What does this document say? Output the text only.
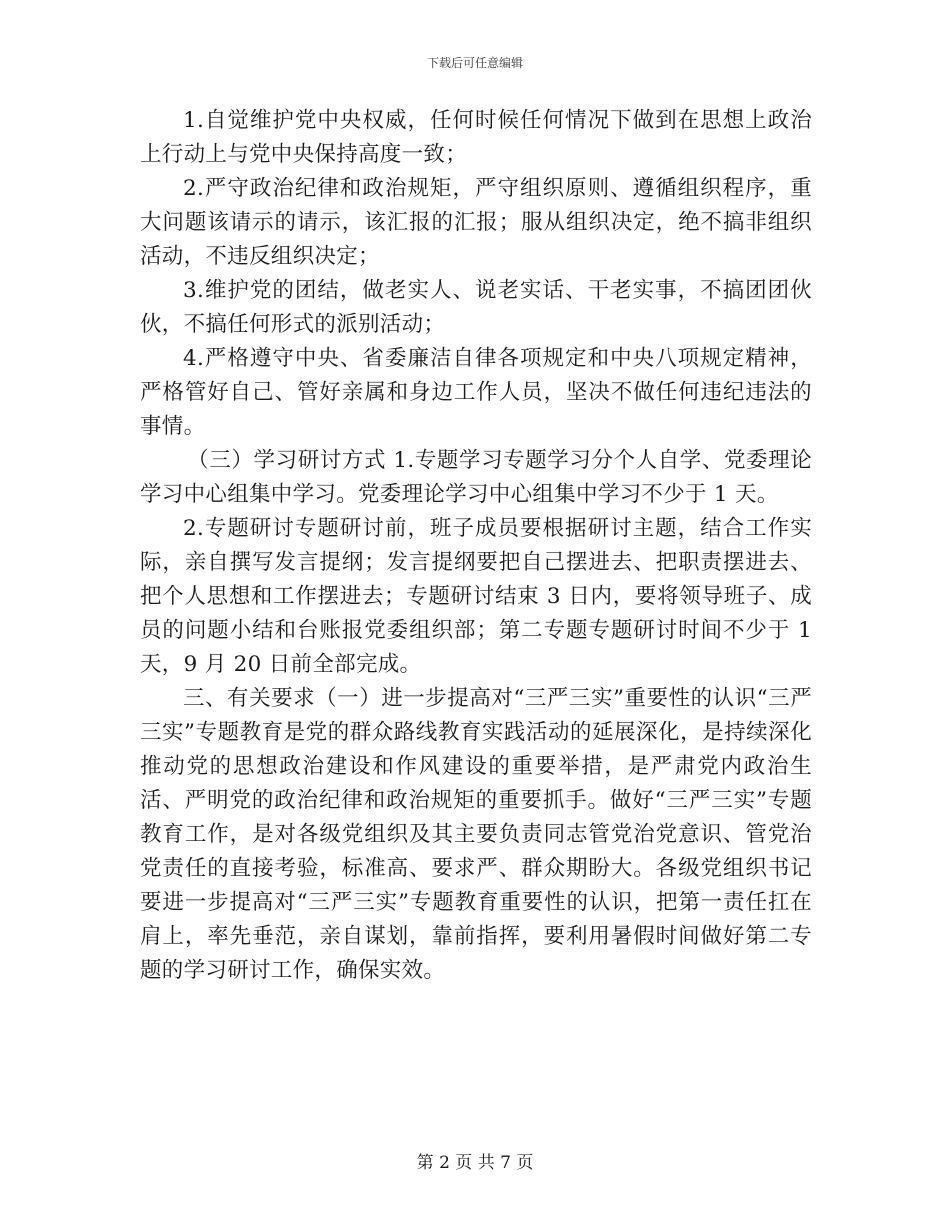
下载后可任意编辑

1.自觉维护党中央权威，任何时候任何情况下做到在思想上政治上行动上与党中央保持高度一致；

2.严守政治纪律和政治规矩，严守组织原则、遵循组织程序，重大问题该请示的请示，该汇报的汇报；服从组织决定，绝不搞非组织活动，不违反组织决定；

3.维护党的团结，做老实人、说老实话、干老实事，不搞团团伙伙，不搞任何形式的派别活动；

4.严格遵守中央、省委廉洁自律各项规定和中央八项规定精神，严格管好自己、管好亲属和身边工作人员，坚决不做任何违纪违法的事情。

（三）学习研讨方式 1.专题学习专题学习分个人自学、党委理论学习中心组集中学习。党委理论学习中心组集中学习不少于 1 天。

2.专题研讨专题研讨前，班子成员要根据研讨主题，结合工作实际，亲自撰写发言提纲；发言提纲要把自己摆进去、把职责摆进去、把个人思想和工作摆进去；专题研讨结束 3 日内，要将领导班子、成员的问题小结和台账报党委组织部；第二专题专题研讨时间不少于 1 天，9 月 20 日前全部完成。

三、有关要求（一）进一步提高对“三严三实”重要性的认识“三严三实”专题教育是党的群众路线教育实践活动的延展深化，是持续深化推动党的思想政治建设和作风建设的重要举措，是严肃党内政治生活、严明党的政治纪律和政治规矩的重要抓手。做好“三严三实”专题教育工作，是对各级党组织及其主要负责同志管党治党意识、管党治党责任的直接考验，标准高、要求严、群众期盼大。各级党组织书记要进一步提高对“三严三实”专题教育重要性的认识，把第一责任扛在肩上，率先垂范，亲自谋划，靠前指挥，要利用暑假时间做好第二专题的学习研讨工作，确保实效。

第 2 页 共 7 页
